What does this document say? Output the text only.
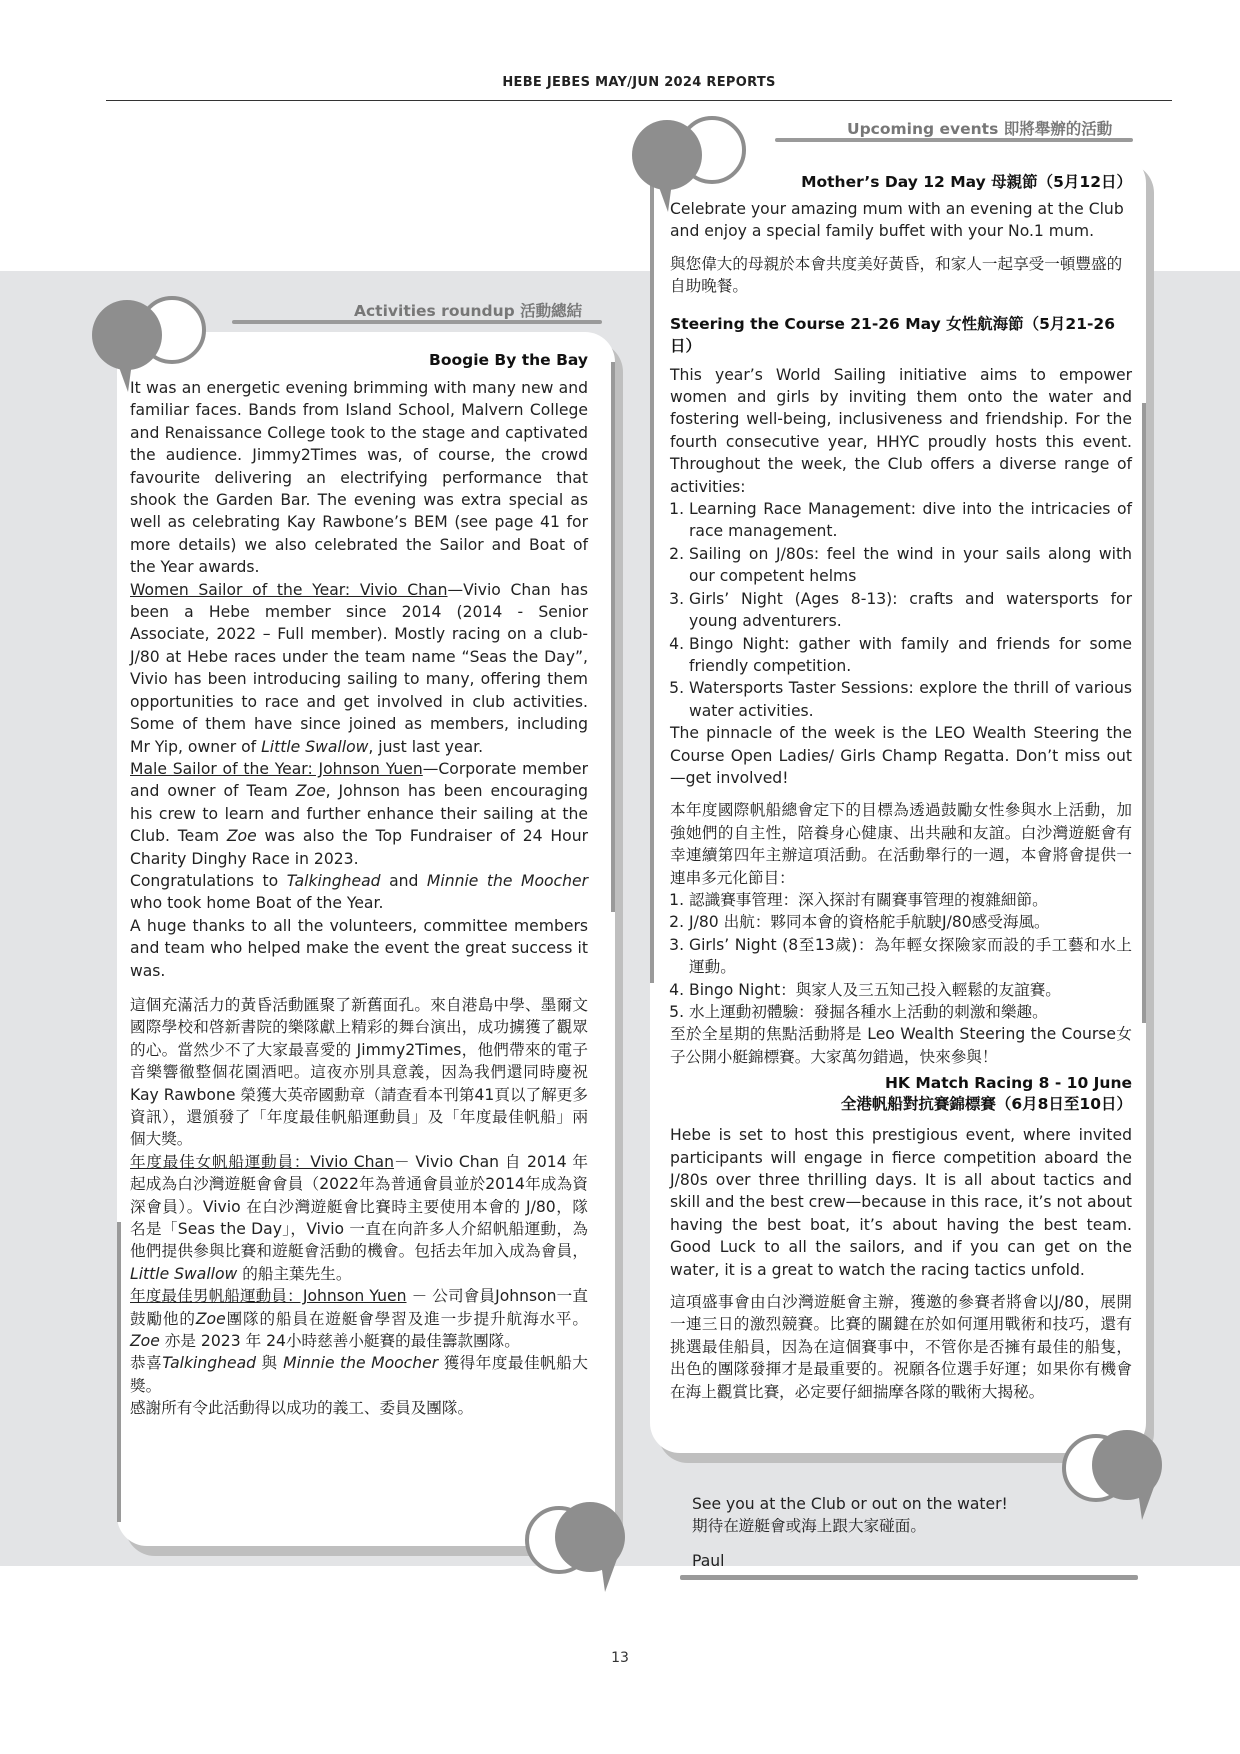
HEBE JEBES MAY/JUN 2024 REPORTS
Upcoming events 即將舉辦的活動
Activities roundup 活動總結
Boogie By the Bay

It was an energetic evening brimming with many new and familiar faces. Bands from Island School, Malvern College and Renaissance College took to the stage and captivated the audience. Jimmy2Times was, of course, the crowd favourite delivering an electrifying performance that shook the Garden Bar. The evening was extra special as well as celebrating Kay Rawbone’s BEM (see page 41 for more details) we also celebrated the Sailor and Boat of the Year awards.

Women Sailor of the Year: Vivio Chan—Vivio Chan has been a Hebe member since 2014 (2014 - Senior Associate, 2022 – Full member). Mostly racing on a club-J/80 at Hebe races under the team name “Seas the Day”, Vivio has been introducing sailing to many, offering them opportunities to race and get involved in club activities. Some of them have since joined as members, including Mr Yip, owner of Little Swallow, just last year.

Male Sailor of the Year: Johnson Yuen—Corporate member and owner of Team Zoe, Johnson has been encouraging his crew to learn and further enhance their sailing at the Club. Team Zoe was also the Top Fundraiser of 24 Hour Charity Dinghy Race in 2023.

Congratulations to Talkinghead and Minnie the Moocher who took home Boat of the Year.

A huge thanks to all the volunteers, committee members and team who helped make the event the great success it was.

這個充滿活力的黃昏活動匯聚了新舊面孔。來自港島中學、墨爾文國際學校和啓新書院的樂隊獻上精彩的舞台演出，成功擄獲了觀眾的心。當然少不了大家最喜愛的 Jimmy2Times，他們帶來的電子音樂響徹整個花園酒吧。這夜亦別具意義，因為我們還同時慶祝 Kay Rawbone 榮獲大英帝國勳章（請查看本刊第41頁以了解更多資訊），還頒發了「年度最佳帆船運動員」及「年度最佳帆船」兩個大獎。

年度最佳女帆船運動員：Vivio Chan－ Vivio Chan 自 2014 年起成為白沙灣遊艇會會員（2022年為普通會員並於2014年成為資深會員）。Vivio 在白沙灣遊艇會比賽時主要使用本會的 J/80，隊名是「Seas the Day」，Vivio 一直在向許多人介紹帆船運動，為他們提供參與比賽和遊艇會活動的機會。包括去年加入成為會員，Little Swallow 的船主葉先生。

年度最佳男帆船運動員：Johnson Yuen － 公司會員Johnson一直鼓勵他的Zoe團隊的船員在遊艇會學習及進一步提升航海水平。Zoe 亦是 2023 年 24小時慈善小艇賽的最佳籌款團隊。

恭喜Talkinghead 與 Minnie the Moocher 獲得年度最佳帆船大獎。

感謝所有令此活動得以成功的義工、委員及團隊。

Mother’s Day 12 May 母親節（5月12日）
Celebrate your amazing mum with an evening at the Club and enjoy a special family buffet with your No.1 mum.
與您偉大的母親於本會共度美好黃昏，和家人一起享受一頓豐盛的自助晚餐。
Steering the Course 21-26 May 女性航海節（5月21-26日）

This year’s World Sailing initiative aims to empower women and girls by inviting them onto the water and fostering well-being, inclusiveness and friendship. For the fourth consecutive year, HHYC proudly hosts this event. Throughout the week, the Club offers a diverse range of activities:

1. Learning Race Management: dive into the intricacies of race management.
2. Sailing on J/80s: feel the wind in your sails along with our competent helms
3. Girls’ Night (Ages 8-13): crafts and watersports for young adventurers.
4. Bingo Night: gather with family and friends for some friendly competition.
5. Watersports Taster Sessions: explore the thrill of various water activities.

The pinnacle of the week is the LEO Wealth Steering the Course Open Ladies/ Girls Champ Regatta. Don’t miss out—get involved!

本年度國際帆船總會定下的目標為透過鼓勵女性參與水上活動，加強她們的自主性，陪養身心健康、出共融和友誼。白沙灣遊艇會有幸連續第四年主辦這項活動。在活動舉行的一週，本會將會提供一連串多元化節目：

1. 認識賽事管理：深入探討有關賽事管理的複雜細節。
2. J/80 出航：夥同本會的資格舵手航駛J/80感受海風。
3. Girls’ Night (8至13歲)：為年輕女探險家而設的手工藝和水上運動。
4. Bingo Night：與家人及三五知己投入輕鬆的友誼賽。
5. 水上運動初體驗：發掘各種水上活動的刺激和樂趣。

至於全星期的焦點活動將是 Leo Wealth Steering the Course女子公開小艇錦標賽。大家萬勿錯過，快來參與！

HK Match Racing 8 - 10 June
全港帆船對抗賽錦標賽（6月8日至10日）
Hebe is set to host this prestigious event, where invited participants will engage in fierce competition aboard the J/80s over three thrilling days. It is all about tactics and skill and the best crew—because in this race, it’s not about having the best boat, it’s about having the best team. Good Luck to all the sailors, and if you can get on the water, it is a great to watch the racing tactics unfold.
這項盛事會由白沙灣遊艇會主辦，獲邀的參賽者將會以J/80，展開一連三日的激烈競賽。比賽的關鍵在於如何運用戰術和技巧，還有挑選最佳船員，因為在這個賽事中，不管你是否擁有最佳的船隻，出色的團隊發揮才是最重要的。祝願各位選手好運；如果你有機會在海上觀賞比賽，必定要仔細揣摩各隊的戰術大揭秘。
See you at the Club or out on the water!
期待在遊艇會或海上跟大家碰面。
Paul
13
